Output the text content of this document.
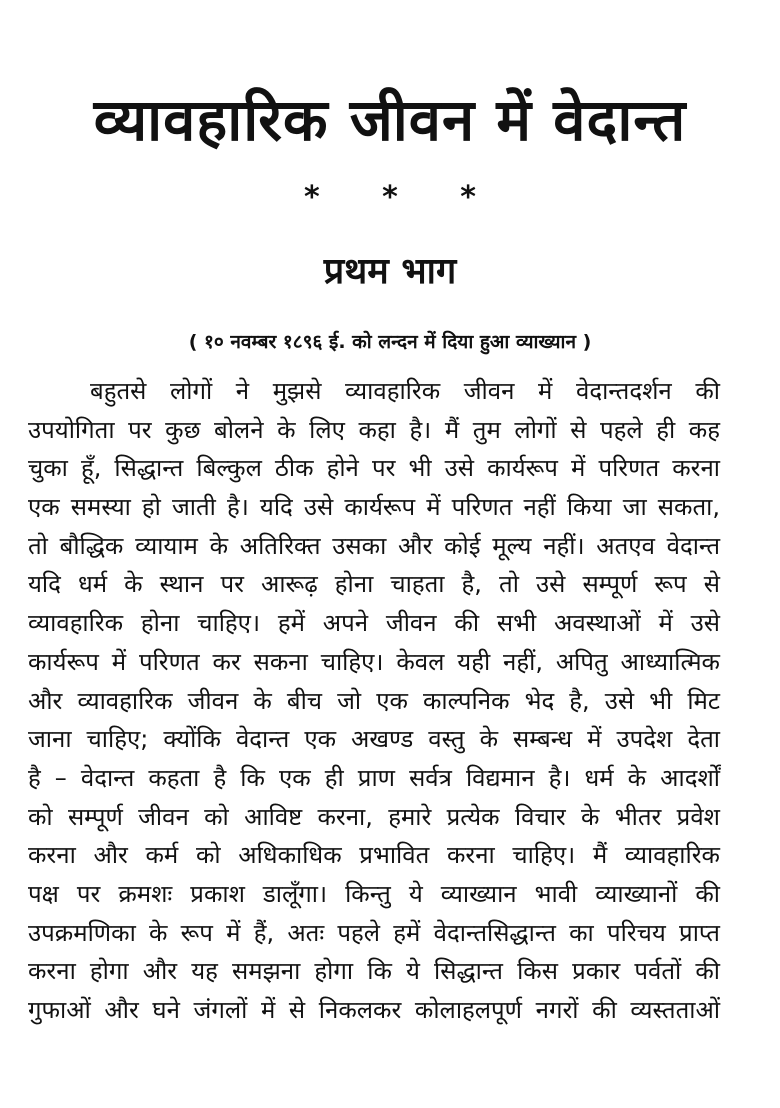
व्यावहारिक जीवन में वेदान्त
* * *
प्रथम भाग
( १० नवम्बर १८९६ ई. को लन्दन में दिया हुआ व्याख्यान )
बहुतसे लोगों ने मुझसे व्यावहारिक जीवन में वेदान्तदर्शन की
उपयोगिता पर कुछ बोलने के लिए कहा है। मैं तुम लोगों से पहले ही कह
चुका हूँ, सिद्धान्त बिल्कुल ठीक होने पर भी उसे कार्यरूप में परिणत करना
एक समस्या हो जाती है। यदि उसे कार्यरूप में परिणत नहीं किया जा सकता,
तो बौद्धिक व्यायाम के अतिरिक्त उसका और कोई मूल्य नहीं। अतएव वेदान्त
यदि धर्म के स्थान पर आरूढ़ होना चाहता है, तो उसे सम्पूर्ण रूप से
व्यावहारिक होना चाहिए। हमें अपने जीवन की सभी अवस्थाओं में उसे
कार्यरूप में परिणत कर सकना चाहिए। केवल यही नहीं, अपितु आध्यात्मिक
और व्यावहारिक जीवन के बीच जो एक काल्पनिक भेद है, उसे भी मिट
जाना चाहिए; क्योंकि वेदान्त एक अखण्ड वस्तु के सम्बन्ध में उपदेश देता
है – वेदान्त कहता है कि एक ही प्राण सर्वत्र विद्यमान है। धर्म के आदर्शों
को सम्पूर्ण जीवन को आविष्ट करना, हमारे प्रत्येक विचार के भीतर प्रवेश
करना और कर्म को अधिकाधिक प्रभावित करना चाहिए। मैं व्यावहारिक
पक्ष पर क्रमशः प्रकाश डालूँगा। किन्तु ये व्याख्यान भावी व्याख्यानों की
उपक्रमणिका के रूप में हैं, अतः पहले हमें वेदान्तसिद्धान्त का परिचय प्राप्त
करना होगा और यह समझना होगा कि ये सिद्धान्त किस प्रकार पर्वतों की
गुफाओं और घने जंगलों में से निकलकर कोलाहलपूर्ण नगरों की व्यस्तताओं
